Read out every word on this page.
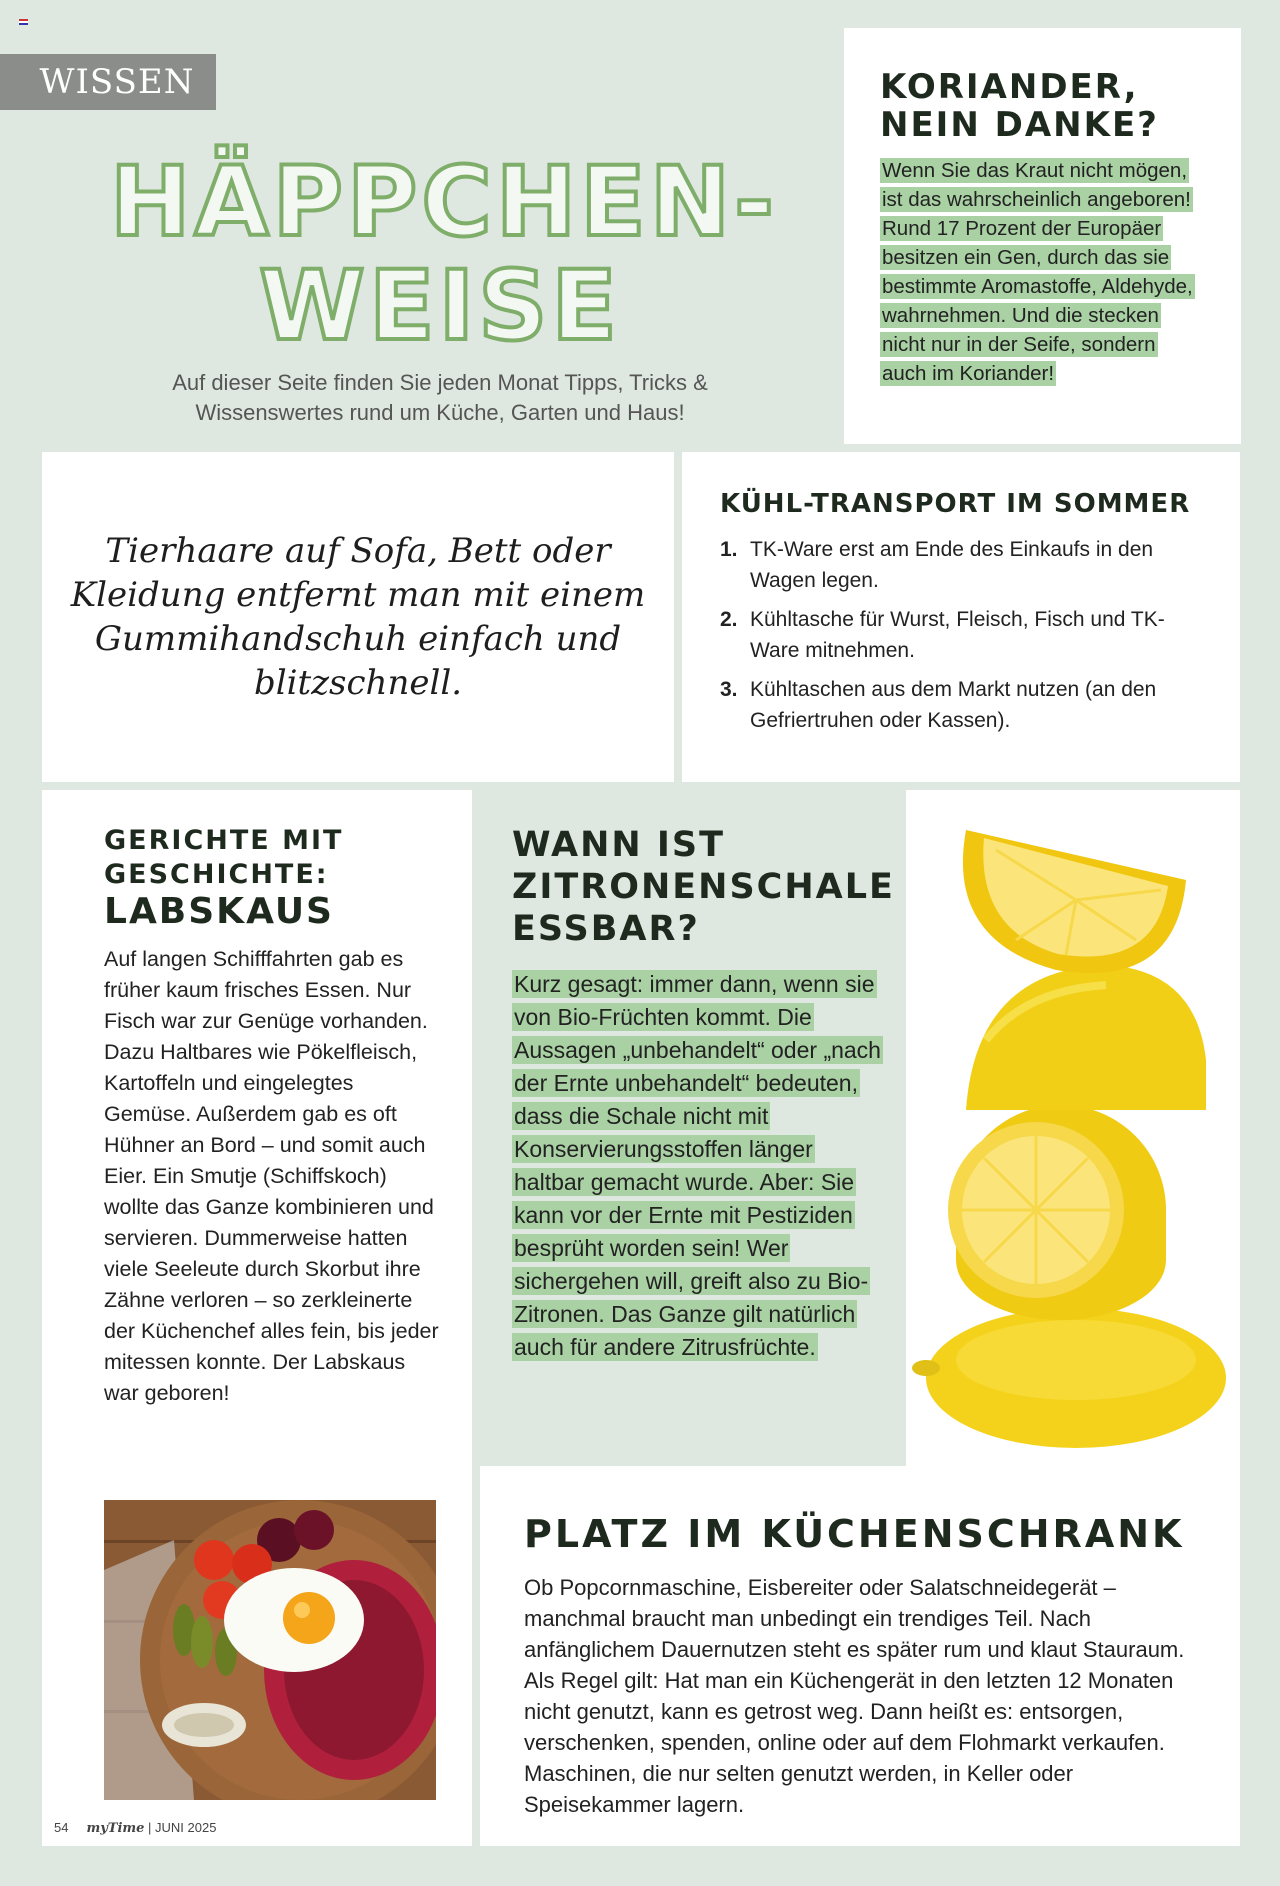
WISSEN
HÄPPCHEN-
WEISE

Auf dieser Seite finden Sie jeden Monat Tipps, Tricks & Wissenswertes rund um Küche, Garten und Haus!

KORIANDER,
NEIN DANKE?

Wenn Sie das Kraut nicht mögen, ist das wahrscheinlich angeboren! Rund 17 Prozent der Europäer besitzen ein Gen, durch das sie bestimmte Aromastoffe, Aldehyde, wahrnehmen. Und die stecken nicht nur in der Seife, sondern auch im Koriander!

Tierhaare auf Sofa, Bett oder Kleidung entfernt man mit einem Gummihandschuh einfach und blitzschnell.

KÜHL-TRANSPORT IM SOMMER
1. TK-Ware erst am Ende des Einkaufs in den Wagen legen.
2. Kühltasche für Wurst, Fleisch, Fisch und TK-Ware mitnehmen.
3. Kühltaschen aus dem Markt nutzen (an den Gefriertruhen oder Kassen).
GERICHTE MIT
GESCHICHTE:
LABSKAUS

Auf langen Schifffahrten gab es früher kaum frisches Essen. Nur Fisch war zur Genüge vorhanden. Dazu Haltbares wie Pökelfleisch, Kartoffeln und eingelegtes Gemüse. Außerdem gab es oft Hühner an Bord – und somit auch Eier. Ein Smutje (Schiffskoch) wollte das Ganze kombinieren und servieren. Dummerweise hatten viele Seeleute durch Skorbut ihre Zähne verloren – so zerkleinerte der Küchenchef alles fein, bis jeder mitessen konnte. Der Labskaus war geboren!

WANN IST
ZITRONENSCHALE
ESSBAR?

Kurz gesagt: immer dann, wenn sie von Bio-Früchten kommt. Die Aussagen „unbehandelt“ oder „nach der Ernte unbehandelt“ bedeuten, dass die Schale nicht mit Konservierungsstoffen länger haltbar gemacht wurde. Aber: Sie kann vor der Ernte mit Pestiziden besprüht worden sein! Wer sichergehen will, greift also zu Bio-Zitronen. Das Ganze gilt natürlich auch für andere Zitrusfrüchte.

PLATZ IM KÜCHENSCHRANK

Ob Popcornmaschine, Eisbereiter oder Salatschneidegerät – manchmal braucht man unbedingt ein trendiges Teil. Nach anfänglichem Dauernutzen steht es später rum und klaut Stauraum. Als Regel gilt: Hat man ein Küchengerät in den letzten 12 Monaten nicht genutzt, kann es getrost weg. Dann heißt es: entsorgen, verschenken, spenden, online oder auf dem Flohmarkt verkaufen. Maschinen, die nur selten genutzt werden, in Keller oder Speisekammer lagern.

54 myTime | JUNI 2025
